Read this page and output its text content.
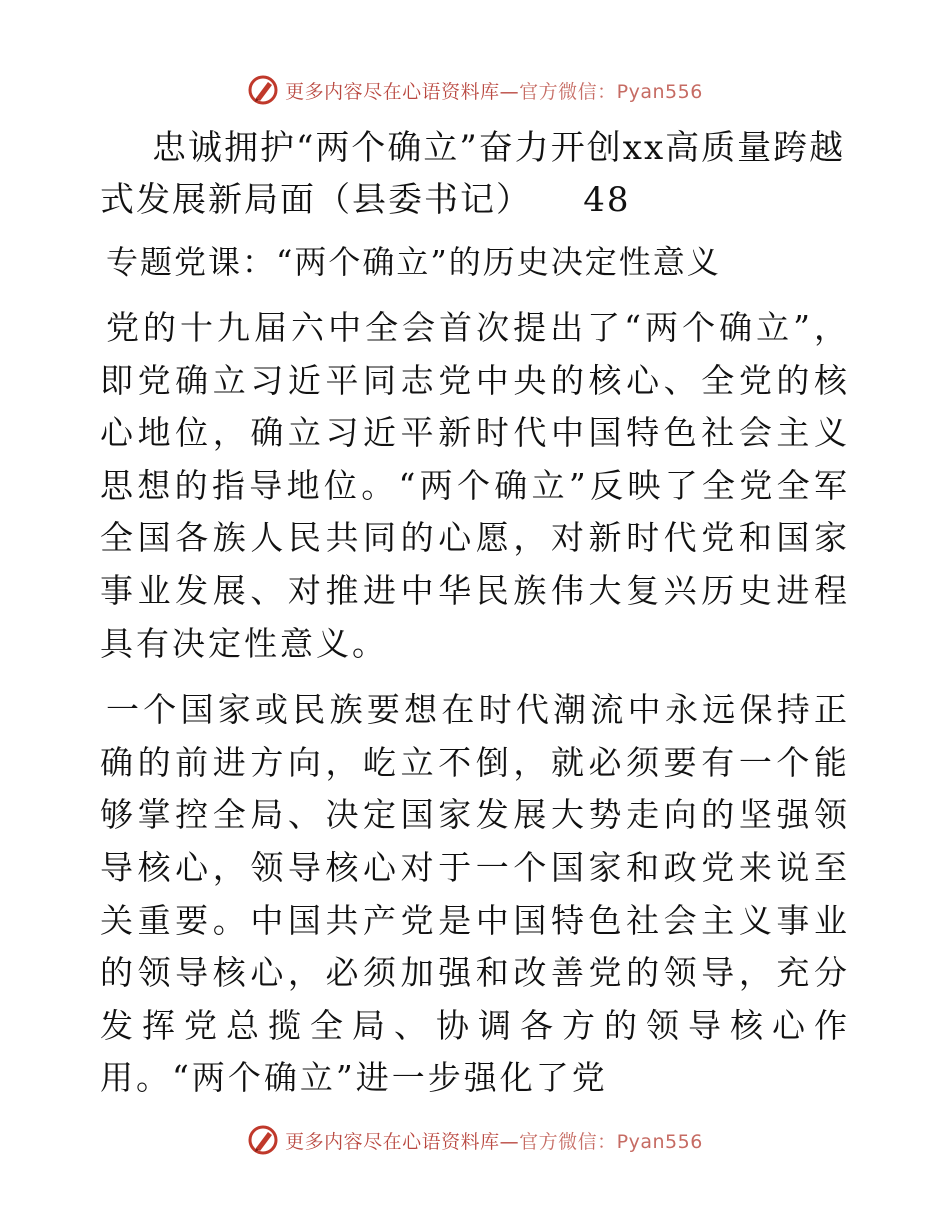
更多内容尽在心语资料库—官方微信：Pyan556
忠诚拥护“两个确立”奋力开创xx高质量跨越式发展新局面（县委书记）    48
专题党课：“两个确立”的历史决定性意义

党的十九届六中全会首次提出了“两个确立”，即党确立习近平同志党中央的核心、全党的核心地位，确立习近平新时代中国特色社会主义思想的指导地位。“两个确立”反映了全党全军全国各族人民共同的心愿，对新时代党和国家事业发展、对推进中华民族伟大复兴历史进程具有决定性意义。

一个国家或民族要想在时代潮流中永远保持正确的前进方向，屹立不倒，就必须要有一个能够掌控全局、决定国家发展大势走向的坚强领导核心，领导核心对于一个国家和政党来说至关重要。中国共产党是中国特色社会主义事业的领导核心，必须加强和改善党的领导，充分发挥党总揽全局、协调各方的领导核心作用。“两个确立”进一步强化了党

更多内容尽在心语资料库—官方微信：Pyan556
